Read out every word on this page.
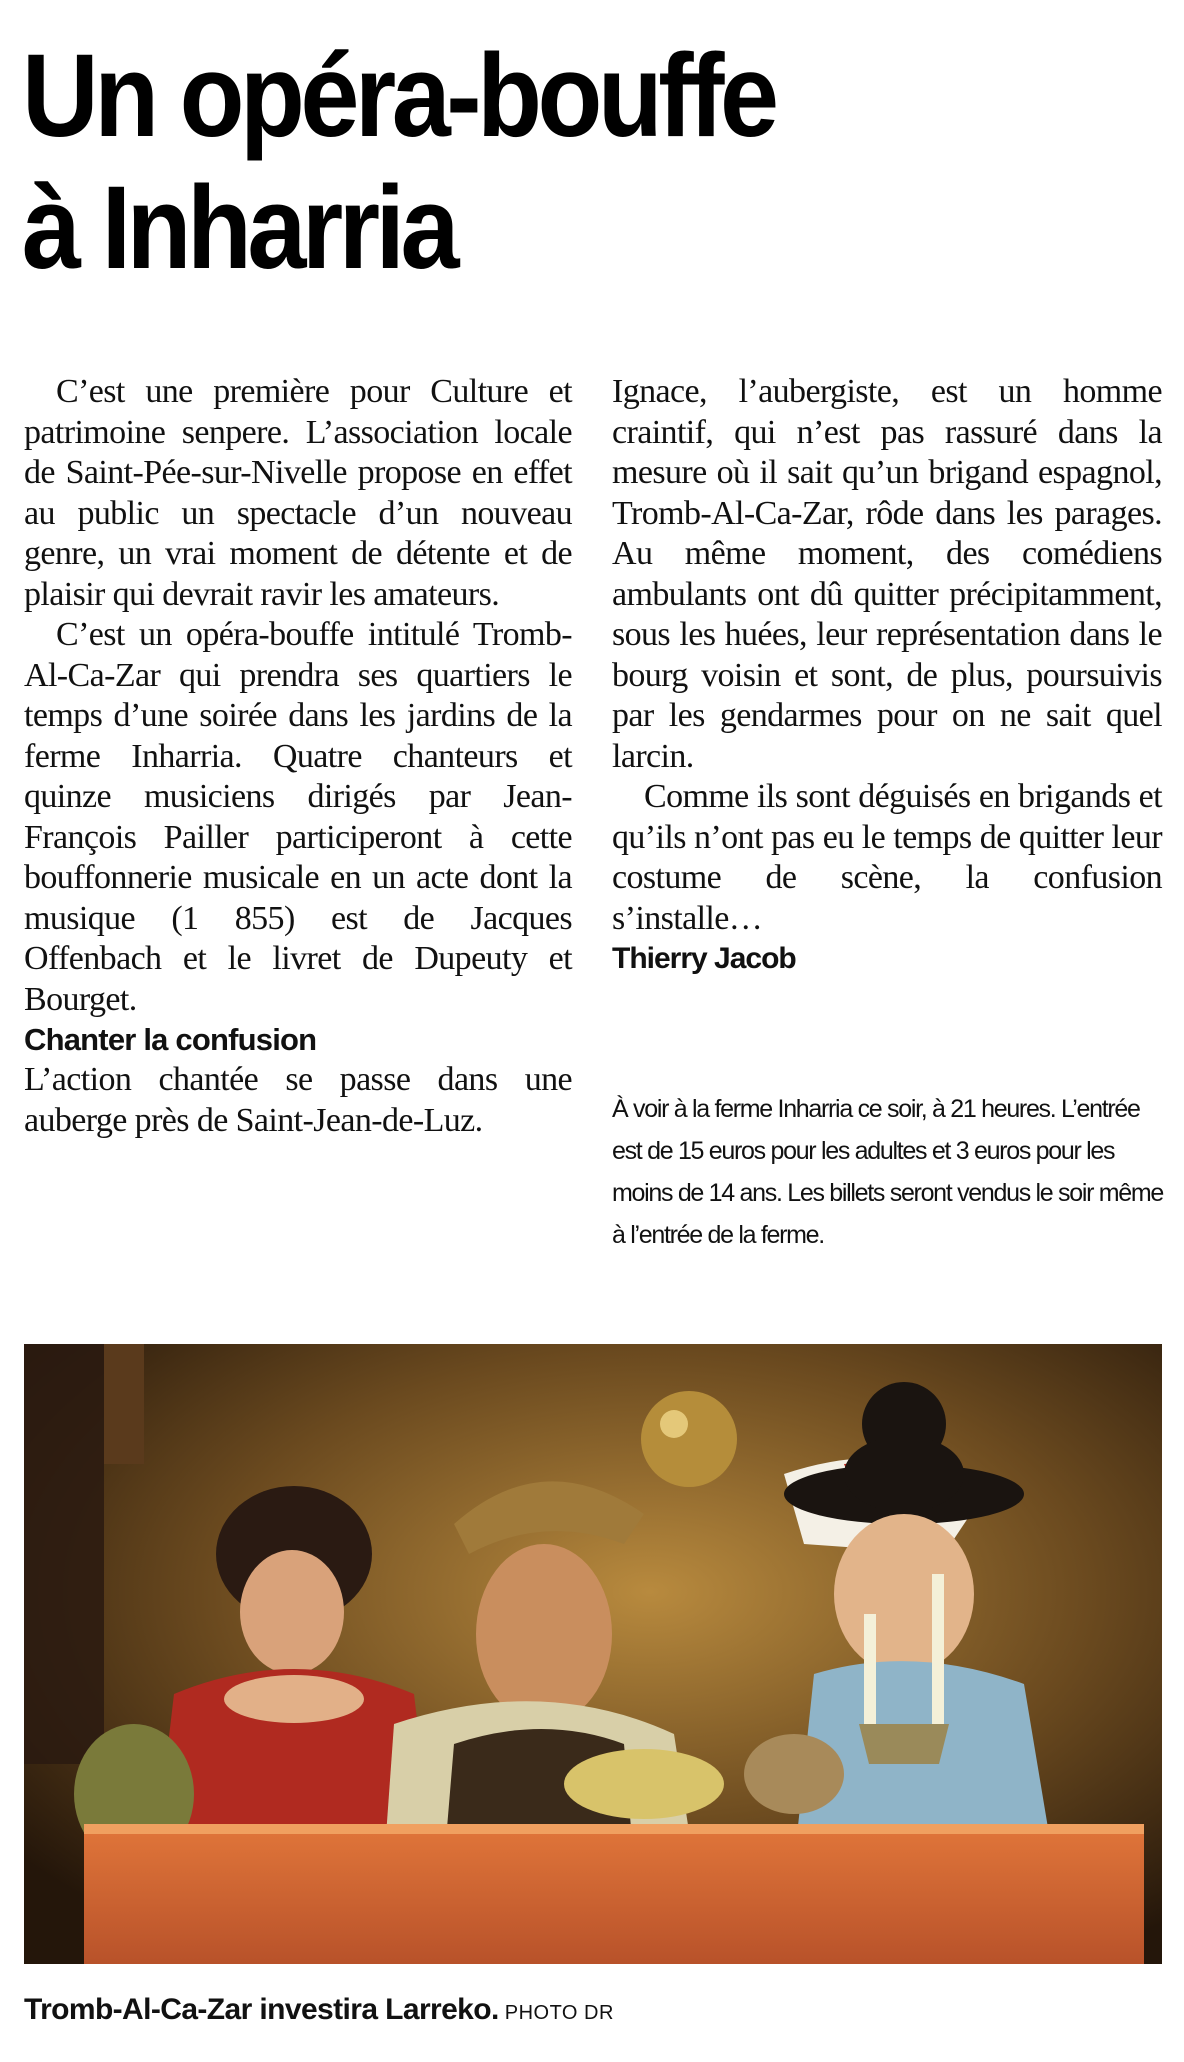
Un opéra-bouffe
à Inharria

C’est une première pour Culture et patrimoine senpere. L’association locale de Saint-Pée-sur-Nivelle propose en effet au public un spectacle d’un nouveau genre, un vrai moment de détente et de plaisir qui devrait ravir les amateurs.

C’est un opéra-bouffe intitulé Tromb-Al-Ca-Zar qui prendra ses quartiers le temps d’une soirée dans les jardins de la ferme Inharria. Quatre chanteurs et quinze musiciens dirigés par Jean-François Pailler participeront à cette bouffonnerie musicale en un acte dont la musique (1 855) est de Jacques Offenbach et le livret de Dupeuty et Bourget.

Chanter la confusion

L’action chantée se passe dans une auberge près de Saint-Jean-de-Luz.

Ignace, l’aubergiste, est un homme craintif, qui n’est pas rassuré dans la mesure où il sait qu’un brigand espagnol, Tromb-Al-Ca-Zar, rôde dans les parages. Au même moment, des comédiens ambulants ont dû quitter précipitamment, sous les huées, leur représentation dans le bourg voisin et sont, de plus, poursuivis par les gendarmes pour on ne sait quel larcin.

Comme ils sont déguisés en brigands et qu’ils n’ont pas eu le temps de quitter leur costume de scène, la confusion s’installe…

Thierry Jacob

À voir à la ferme Inharria ce soir, à 21 heures. L’entrée est de 15 euros pour les adultes et 3 euros pour les moins de 14 ans. Les billets seront vendus le soir même à l’entrée de la ferme.

Tromb-Al-Ca-Zar investira Larreko. PHOTO DR
